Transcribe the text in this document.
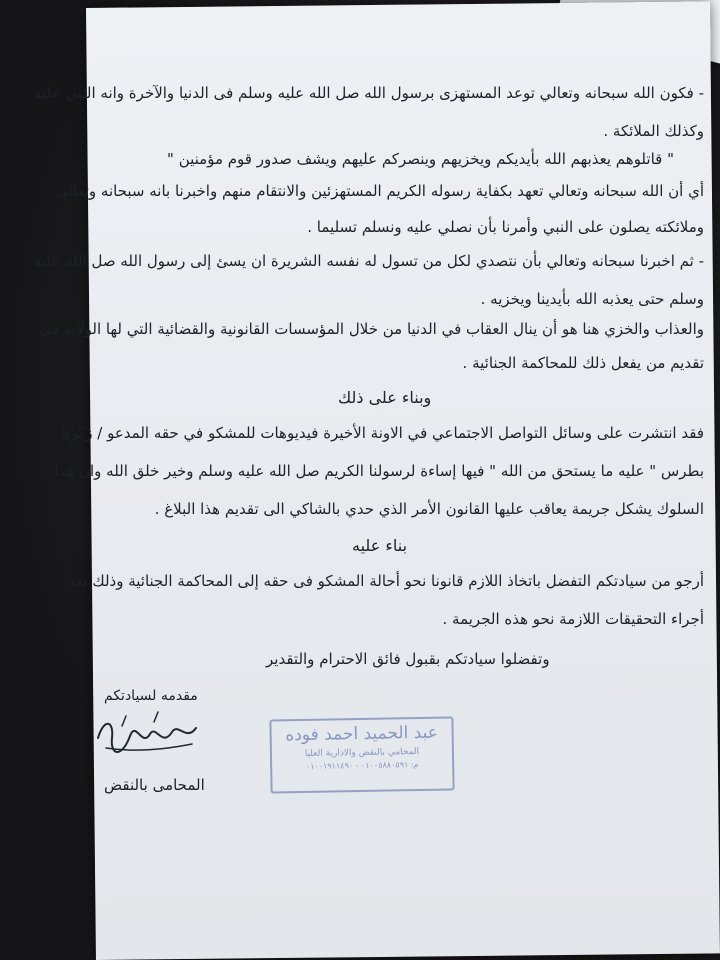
- فكون الله سبحانه وتعالي توعد المستهزى برسول الله صل الله عليه وسلم فى الدنيا والآخرة وانه الثني عليه
وكذلك الملائكة .
" قاتلوهم يعذبهم الله بأيديكم ويخزيهم وينصركم عليهم ويشف صدور قوم مؤمنين "
أي أن الله سبحانه وتعالي تعهد بكفاية رسوله الكريم المستهزئين والانتقام منهم واخبرنا بانه سبحانه وتعالي
وملائكته يصلون على النبي وأمرنا بأن نصلي عليه ونسلم تسليما .
- ثم اخبرنا سبحانه وتعالي بأن نتصدي لكل من تسول له نفسه الشريرة ان يسئ إلى رسول الله صل الله عليه
وسلم حتى يعذبه الله بأيدينا ويخزيه .
والعذاب والخزي هنا هو أن ينال العقاب في الدنيا من خلال المؤسسات القانونية والقضائية التي لها الولاية في
تقديم من يفعل ذلك للمحاكمة الجنائية .
وبناء على ذلك
فقد انتشرت على وسائل التواصل الاجتماعي في الاونة الأخيرة فيديوهات للمشكو في حقه المدعو / زكريا
بطرس " عليه ما يستحق من الله " فيها إساءة لرسولنا الكريم صل الله عليه وسلم وخير خلق الله وان هذا
السلوك يشكل جريمة يعاقب عليها القانون الأمر الذي حدي بالشاكي الى تقديم هذا البلاغ .
بناء عليه
أرجو من سيادتكم التفضل باتخاذ اللازم قانونا نحو أحالة المشكو فى حقه إلى المحاكمة الجنائية وذلك بعد
أجراء التحقيقات اللازمة نحو هذه الجريمة .
وتفضلوا سيادتكم بقبول فائق الاحترام والتقدير
مقدمه لسيادتكم
المحامى بالنقض
عبد الحميد احمد فوده
المحامي بالنقض والادارية العليا
م: ٠١٠٠٥٨٨٠٥٩١ - ٠١٠٠١٩١١٤٩٠
